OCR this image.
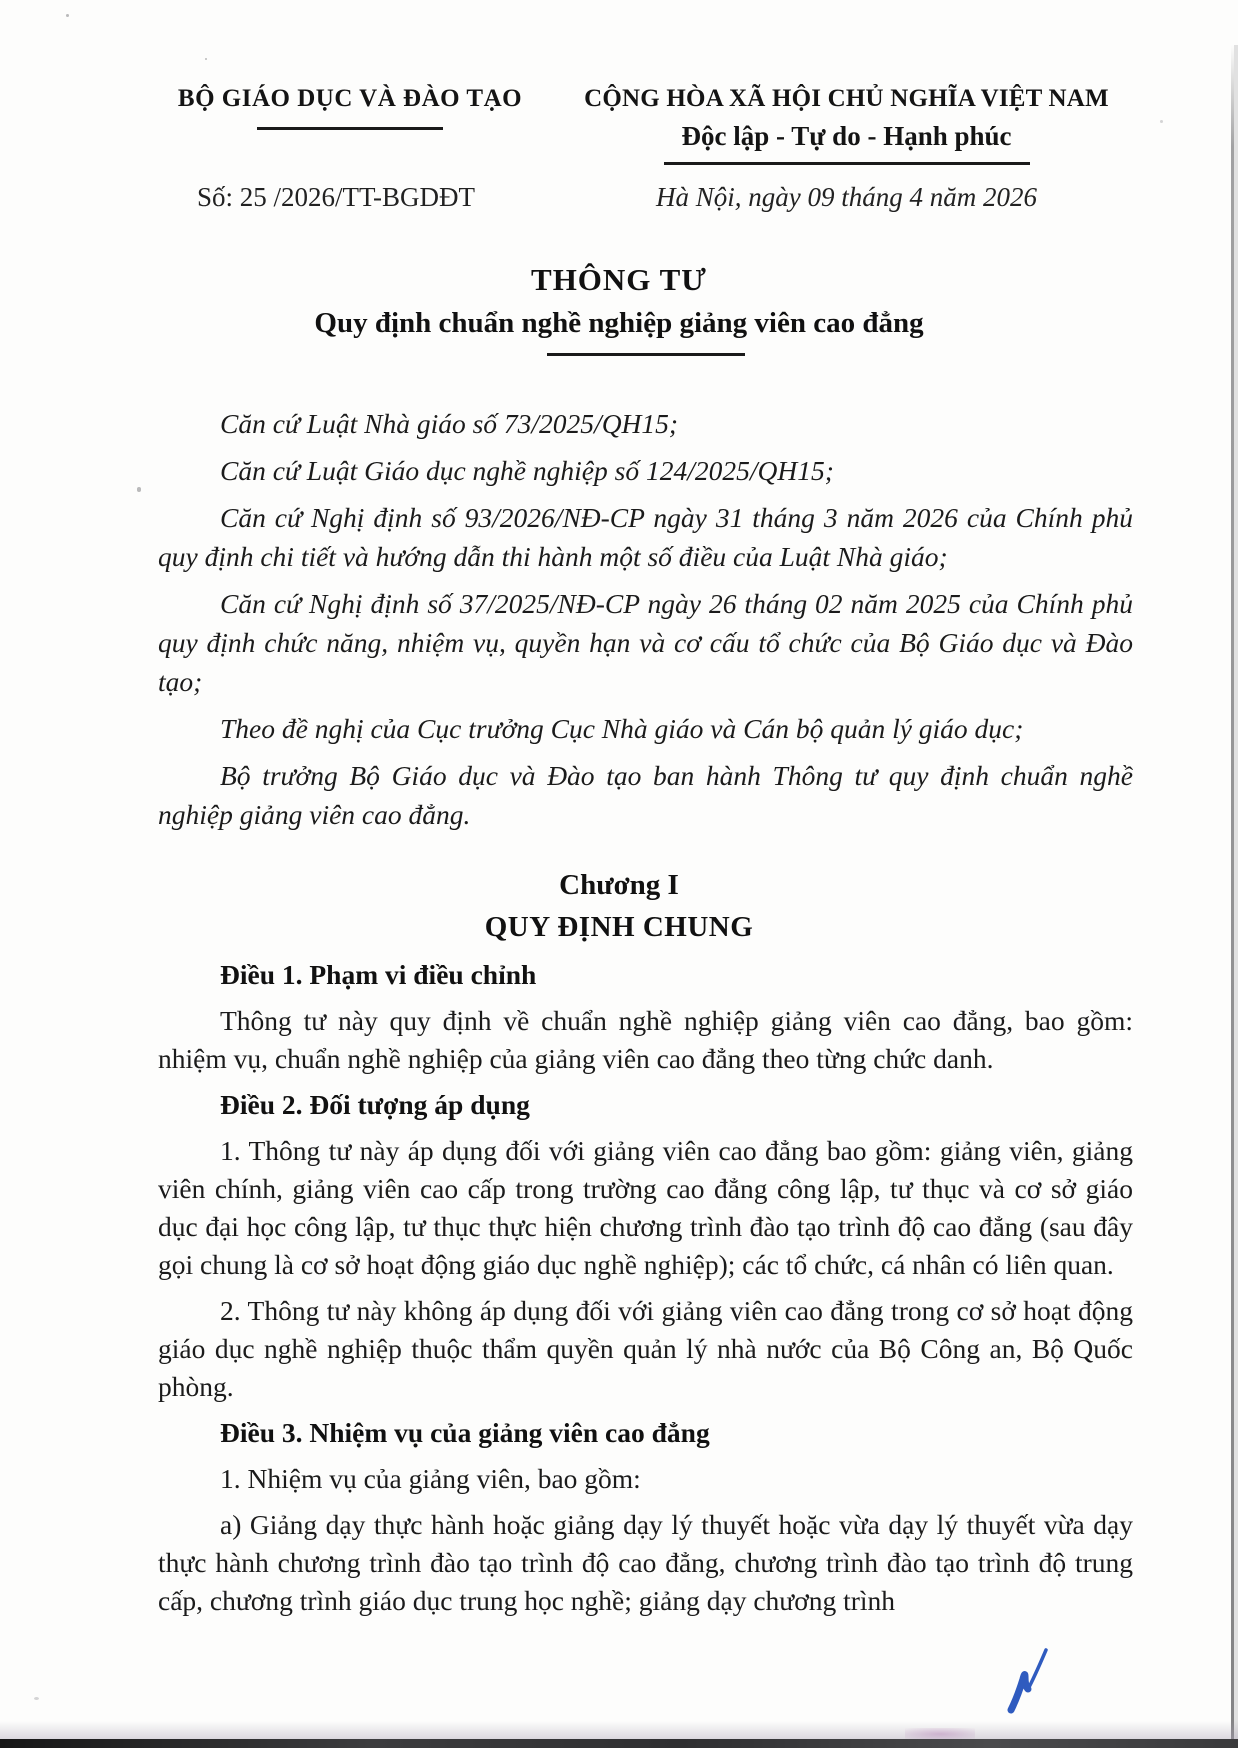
BỘ GIÁO DỤC VÀ ĐÀO TẠO
Số: 25 /2026/TT-BGDĐT
CỘNG HÒA XÃ HỘI CHỦ NGHĨA VIỆT NAM
Độc lập - Tự do - Hạnh phúc
Hà Nội, ngày 09 tháng 4 năm 2026
THÔNG TƯ
Quy định chuẩn nghề nghiệp giảng viên cao đẳng

Căn cứ Luật Nhà giáo số 73/2025/QH15;

Căn cứ Luật Giáo dục nghề nghiệp số 124/2025/QH15;

Căn cứ Nghị định số 93/2026/NĐ-CP ngày 31 tháng 3 năm 2026 của Chính phủ quy định chi tiết và hướng dẫn thi hành một số điều của Luật Nhà giáo;

Căn cứ Nghị định số 37/2025/NĐ-CP ngày 26 tháng 02 năm 2025 của Chính phủ quy định chức năng, nhiệm vụ, quyền hạn và cơ cấu tổ chức của Bộ Giáo dục và Đào tạo;

Theo đề nghị của Cục trưởng Cục Nhà giáo và Cán bộ quản lý giáo dục;

Bộ trưởng Bộ Giáo dục và Đào tạo ban hành Thông tư quy định chuẩn nghề nghiệp giảng viên cao đẳng.

Chương I
QUY ĐỊNH CHUNG

Điều 1. Phạm vi điều chỉnh

Thông tư này quy định về chuẩn nghề nghiệp giảng viên cao đẳng, bao gồm: nhiệm vụ, chuẩn nghề nghiệp của giảng viên cao đẳng theo từng chức danh.

Điều 2. Đối tượng áp dụng

1. Thông tư này áp dụng đối với giảng viên cao đẳng bao gồm: giảng viên, giảng viên chính, giảng viên cao cấp trong trường cao đẳng công lập, tư thục và cơ sở giáo dục đại học công lập, tư thục thực hiện chương trình đào tạo trình độ cao đẳng (sau đây gọi chung là cơ sở hoạt động giáo dục nghề nghiệp); các tổ chức, cá nhân có liên quan.

2. Thông tư này không áp dụng đối với giảng viên cao đẳng trong cơ sở hoạt động giáo dục nghề nghiệp thuộc thẩm quyền quản lý nhà nước của Bộ Công an, Bộ Quốc phòng.

Điều 3. Nhiệm vụ của giảng viên cao đẳng

1. Nhiệm vụ của giảng viên, bao gồm:

a) Giảng dạy thực hành hoặc giảng dạy lý thuyết hoặc vừa dạy lý thuyết vừa dạy thực hành chương trình đào tạo trình độ cao đẳng, chương trình đào tạo trình độ trung cấp, chương trình giáo dục trung học nghề; giảng dạy chương trình
